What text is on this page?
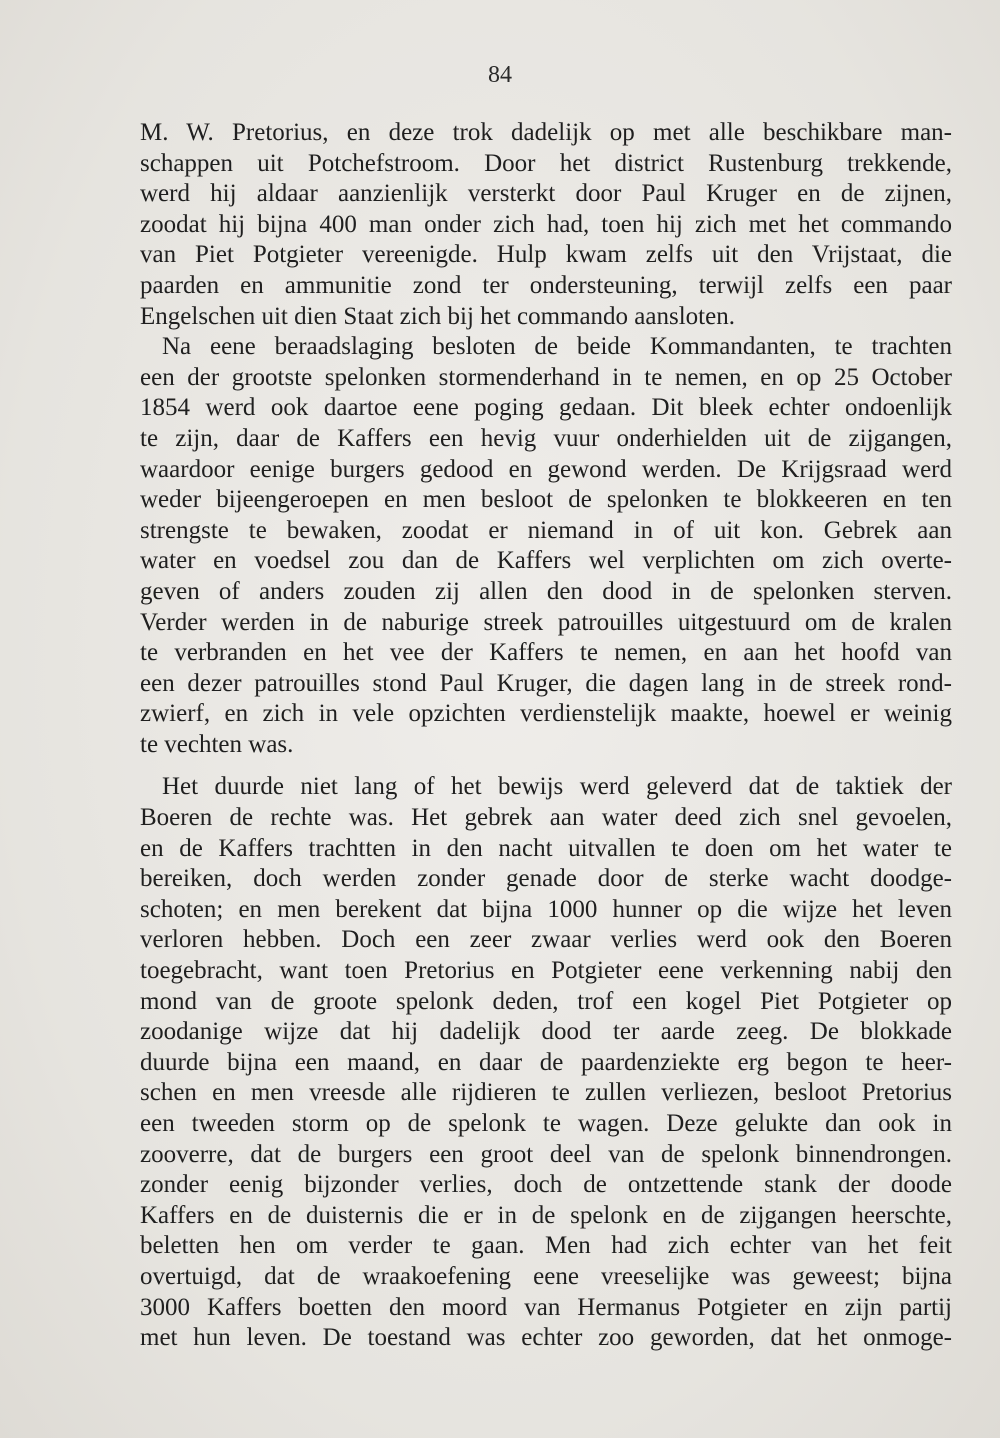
84
M. W. Pretorius, en deze trok dadelijk op met alle beschikbare man-
schappen uit Potchefstroom. Door het district Rustenburg trekkende,
werd hij aldaar aanzienlijk versterkt door Paul Kruger en de zijnen,
zoodat hij bijna 400 man onder zich had, toen hij zich met het commando
van Piet Potgieter vereenigde. Hulp kwam zelfs uit den Vrijstaat, die
paarden en ammunitie zond ter ondersteuning, terwijl zelfs een paar
Engelschen uit dien Staat zich bij het commando aansloten.
Na eene beraadslaging besloten de beide Kommandanten, te trachten
een der grootste spelonken stormenderhand in te nemen, en op 25 October
1854 werd ook daartoe eene poging gedaan. Dit bleek echter ondoenlijk
te zijn, daar de Kaffers een hevig vuur onderhielden uit de zijgangen,
waardoor eenige burgers gedood en gewond werden. De Krijgsraad werd
weder bijeengeroepen en men besloot de spelonken te blokkeeren en ten
strengste te bewaken, zoodat er niemand in of uit kon. Gebrek aan
water en voedsel zou dan de Kaffers wel verplichten om zich overte-
geven of anders zouden zij allen den dood in de spelonken sterven.
Verder werden in de naburige streek patrouilles uitgestuurd om de kralen
te verbranden en het vee der Kaffers te nemen, en aan het hoofd van
een dezer patrouilles stond Paul Kruger, die dagen lang in de streek rond-
zwierf, en zich in vele opzichten verdienstelijk maakte, hoewel er weinig
te vechten was.
Het duurde niet lang of het bewijs werd geleverd dat de taktiek der
Boeren de rechte was. Het gebrek aan water deed zich snel gevoelen,
en de Kaffers trachtten in den nacht uitvallen te doen om het water te
bereiken, doch werden zonder genade door de sterke wacht doodge-
schoten; en men berekent dat bijna 1000 hunner op die wijze het leven
verloren hebben. Doch een zeer zwaar verlies werd ook den Boeren
toegebracht, want toen Pretorius en Potgieter eene verkenning nabij den
mond van de groote spelonk deden, trof een kogel Piet Potgieter op
zoodanige wijze dat hij dadelijk dood ter aarde zeeg. De blokkade
duurde bijna een maand, en daar de paardenziekte erg begon te heer-
schen en men vreesde alle rijdieren te zullen verliezen, besloot Pretorius
een tweeden storm op de spelonk te wagen. Deze gelukte dan ook in
zooverre, dat de burgers een groot deel van de spelonk binnendrongen.
zonder eenig bijzonder verlies, doch de ontzettende stank der doode
Kaffers en de duisternis die er in de spelonk en de zijgangen heerschte,
beletten hen om verder te gaan. Men had zich echter van het feit
overtuigd, dat de wraakoefening eene vreeselijke was geweest; bijna
3000 Kaffers boetten den moord van Hermanus Potgieter en zijn partij
met hun leven. De toestand was echter zoo geworden, dat het onmoge-
